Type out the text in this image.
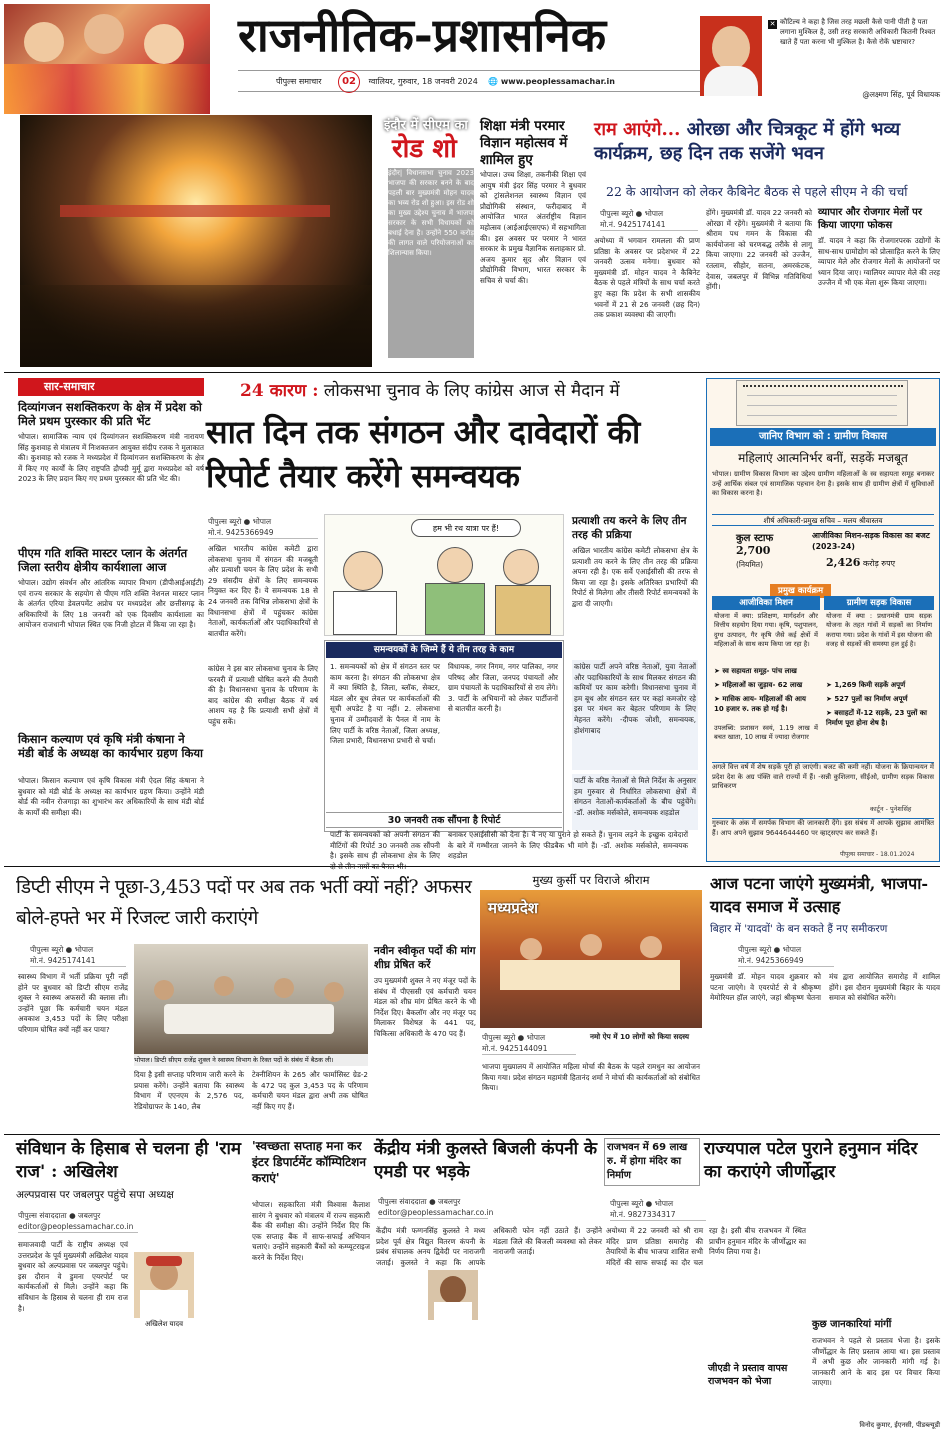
राजनीतिक-प्रशासनिक
पीपुल्स समाचार 02 ग्वालियर, गुरुवार, 18 जनवरी 2024 🌐 www.peoplessamachar.in
✕ कौटिल्य ने कहा है जिस तरह मछली कैसे पानी पीती है पता लगाना मुश्किल है, उसी तरह सरकारी अधिकारी कितनी रिश्वत खाते हैं पता करना भी मुश्किल है। कैसे रोकें भ्रष्टाचार?
@लक्ष्मण सिंह, पूर्व विधायक
इंदौर में सीएम का
रोड शो
इंदौर| विधानसभा चुनाव 2023 भाजपा की सरकार बनने के बाद पहली बार मुख्यमंत्री मोहन यादव का भव्य रोड शो हुआ। इस रोड शो का मुख्य उद्देश्य चुनाव में भाजपा सरकार के सभी विधायकों को बधाई देना है। उन्होंने 550 करोड़ की लागत वाले परियोजनाओं का शिलान्यास किया।
पीपुल्स फोटो
शिक्षा मंत्री परमार विज्ञान महोत्सव में शामिल हुए
भोपाल। उच्च शिक्षा, तकनीकी शिक्षा एवं आयुष मंत्री इंदर सिंह परमार ने बुधवार को ट्रांसलेशनल स्वास्थ्य विज्ञान एवं प्रौद्योगिकी संस्थान, फरीदाबाद में आयोजित भारत अंतर्राष्ट्रीय विज्ञान महोत्सव (आईआईएसएफ) में सहभागिता की। इस अवसर पर परमार ने भारत सरकार के प्रमुख वैज्ञानिक सलाहकार प्रो. अजय कुमार सूद और विज्ञान एवं प्रौद्योगिकी विभाग, भारत सरकार के सचिव से चर्चा की।
राम आएंगे... ओरछा और चित्रकूट में होंगे भव्य कार्यक्रम, छह दिन तक सजेंगे भवन
22 के आयोजन को लेकर कैबिनेट बैठक से पहले सीएम ने की चर्चा
पीपुल्स ब्यूरो ● भोपाल
मो.नं. 9425174141
अयोध्या में भगवान रामलला की प्राण प्रतिष्ठा के अवसर पर प्रदेशभर में 22 जनवरी उत्सव मनेगा। बुधवार को मुख्यमंत्री डॉ. मोहन यादव ने कैबिनेट बैठक से पहले मंत्रियों के साथ चर्चा करते हुए कहा कि प्रदेश के सभी शासकीय भवनों में 21 से 26 जनवरी (छह दिन) तक प्रकाश व्यवस्था की जाएगी।
होंगे। मुख्यमंत्री डॉ. यादव 22 जनवरी को ओरछा में रहेंगे। मुख्यमंत्री ने बताया कि श्रीराम पथ गमन के विकास की कार्ययोजना को चरणबद्ध तरीके से लागू किया जाएगा। 22 जनवरी को उज्जैन, रतलाम, सीहोर, सतना, अमरकंटक, देवास, जबलपुर में विभिन्न गतिविधियां होंगी।
व्यापार और रोजगार मेलों पर किया जाएगा फोकस
डॉ. यादव ने कहा कि रोजगारपरक उद्योगों के साथ-साथ ग्रामोद्योग को प्रोत्साहित करने के लिए व्यापार मेले और रोजगार मेलों के आयोजनों पर ध्यान दिया जाए। ग्वालियर व्यापार मेले की तरह उज्जैन में भी एक मेला शुरू किया जाएगा।
सार-समाचार
दिव्यांगजन सशक्तिकरण के क्षेत्र में प्रदेश को मिले प्रथम पुरस्कार की प्रति भेंट
भोपाल। सामाजिक न्याय एवं दिव्यांगजन सशक्तिकरण मंत्री नारायण सिंह कुशवाह से मंत्रालय में निःशक्तजन आयुक्त संदीप रजक ने मुलाकात की। कुशवाह को रजक ने मध्यप्रदेश में दिव्यांगजन सशक्तिकरण के क्षेत्र में किए गए कार्यों के लिए राष्ट्रपति द्रौपदी मुर्मू द्वारा मध्यप्रदेश को वर्ष 2023 के लिए प्रदान किए गए प्रथम पुरस्कार की प्रति भेंट की।
पीएम गति शक्ति मास्टर प्लान के अंतर्गत जिला स्तरीय क्षेत्रीय कार्यशाला आज
भोपाल। उद्योग संवर्धन और आंतरिक व्यापार विभाग (डीपीआईआईटी) एवं राज्य सरकार के सहयोग से पीएम गति शक्ति नेशनल मास्टर प्लान के अंतर्गत एरिया डेवलपमेंट अप्रोच पर मध्यप्रदेश और छत्तीसगढ़ के अधिकारियों के लिए 18 जनवरी को एक दिवसीय कार्यशाला का आयोजन राजधानी भोपाल स्थित एक निजी होटल में किया जा रहा है।
किसान कल्याण एवं कृषि मंत्री कंषाना ने मंडी बोर्ड के अध्यक्ष का कार्यभार ग्रहण किया
भोपाल। किसान कल्याण एवं कृषि विकास मंत्री ऐदल सिंह कंषाना ने बुधवार को मंडी बोर्ड के अध्यक्ष का कार्यभार ग्रहण किया। उन्होंने मंडी बोर्ड की नवीन रोजगाड़ा का शुभारंभ कर अधिकारियों के साथ मंडी बोर्ड के कार्यों की समीक्षा की।
24 कारण : लोकसभा चुनाव के लिए कांग्रेस आज से मैदान में
सात दिन तक संगठन और दावेदारों की रिपोर्ट तैयार करेंगे समन्वयक
पीपुल्स ब्यूरो ● भोपाल
मो.नं. 9425366949	हम भी रथ यात्रा पर हैं!
अखिल भारतीय कांग्रेस कमेटी द्वारा लोकसभा चुनाव में संगठन की मजबूती और प्रत्याशी चयन के लिए प्रदेश के सभी 29 संसदीय क्षेत्रों के लिए समन्वयक नियुक्त कर दिए हैं। ये समन्वयक 18 से 24 जनवरी तक विभिन्न लोकसभा क्षेत्रों के विधानसभा क्षेत्रों में पहुंचकर कांग्रेस नेताओं, कार्यकर्ताओं और पदाधिकारियों से बातचीत करेंगे।
कांग्रेस ने इस बार लोकसभा चुनाव के लिए फरवरी में प्रत्याशी घोषित करने की तैयारी की है। विधानसभा चुनाव के परिणाम के बाद कांग्रेस की समीक्षा बैठक में वर्ष आशय यह है कि प्रत्याशी सभी क्षेत्रों में पहुंच सकें।
समन्वयकों के जिम्मे हैं ये तीन तरह के काम
1. समन्वयकों को क्षेत्र में संगठन स्तर पर काम करना है। संगठन की लोकसभा क्षेत्र में क्या स्थिति है, जिला, ब्लॉक, सेक्टर, मंडल और बूथ लेवल पर कार्यकर्ताओं की सूची अपडेट है या नहीं। 2. लोकसभा चुनाव में उम्मीदवारों के पैनल में नाम के लिए पार्टी के वरिष्ठ नेताओं, जिला अध्यक्ष, जिला प्रभारी, विधानसभा प्रभारी से चर्चा।
विधायक, नगर निगम, नगर पालिका, नगर परिषद और जिला, जनपद पंचायतों और ग्राम पंचायतों के पदाधिकारियों से राय लेंगे। 3. पार्टी के अभियानों को लेकर पार्टीजनों से बातचीत करनी है।
30 जनवरी तक सौंपना है रिपोर्ट
पार्टी के समन्वयकों को अपनी संगठन की मीटिंगों की रिपोर्ट 30 जनवरी तक सौंपनी है। इसके साथ ही लोकसभा क्षेत्र के लिए
बनाकर एआईसीसी को देना है। ये नए या पुराने हो सकते हैं। चुनाव लड़ने के इच्छुक दावेदारों के बारे में गम्भीरता जानने के लिए फीडबैक भी मांगे हैं। -डॉ. अशोक मर्सकोले, समन्वयक शहडोल
प्रत्याशी तय करने के लिए तीन तरह की प्रक्रिया
अखिल भारतीय कांग्रेस कमेटी लोकसभा क्षेत्र के प्रत्याशी तय करने के लिए तीन तरह की प्रक्रिया अपना रही है। एक सर्वे एआईसीसी की तरफ से किया जा रहा है। इसके अतिरिक्त प्रभारियों की रिपोर्ट से मिलेगा और तीसरी रिपोर्ट समन्वयकों के द्वारा दी जाएगी।
कांग्रेस पार्टी अपने वरिष्ठ नेताओं, युवा नेताओं और पदाधिकारियों के साथ मिलकर संगठन की कमियों पर काम करेगी। विधानसभा चुनाव में हम बूथ और संगठन स्तर पर कहां कमजोर रहे इस पर मंथन कर बेहतर परिणाम के लिए मेहनत करेंगे। -दीपक जोशी, समन्वयक, होशंगाबाद
पार्टी के वरिष्ठ नेताओं से मिले निर्देश के अनुसार हम गुरुवार से निर्धारित लोकसभा क्षेत्रों में संगठन नेताओं-कार्यकर्ताओं के बीच पहुंचेंगे। -डॉ. अशोक मर्सकोले, समन्वयक शहडोल
जानिए विभाग को : ग्रामीण विकास
महिलाएं आत्मनिर्भर बनीं, सड़कें मजबूत
भोपाल। ग्रामीण विकास विभाग का उद्देश्य ग्रामीण महिलाओं के स्व सहायता समूह बनाकर उन्हें आर्थिक संबल एवं सामाजिक पहचान देना है। इसके साथ ही ग्रामीण क्षेत्रों में सुविधाओं का विकास करना है।
शीर्ष अधिकारी-प्रमुख सचिव – मलय श्रीवास्तव
कुल स्टाफ
2,700
(नियमित)
आजीविका मिशन-सड़क विकास का बजट (2023-24)
2,426 करोड़ रुपए
प्रमुख कार्यक्रम
आजीविका मिशन
योजना में क्या: प्रशिक्षण, मार्गदर्शन और वित्तीय सहयोग दिया गया। कृषि, पशुपालन, दुग्ध उत्पादन, गैर कृषि जैसे कई क्षेत्रों में महिलाओं के साथ काम किया जा रहा है।
➤ स्व सहायता समूह- पांच लाख
➤ महिलाओं का जुड़ाव- 62 लाख
➤ मासिक आय- महिलाओं की आय 10 हजार रु. तक हो गई है।
उपलब्धि: प्रशासन स्वयं, 1.19 लाख में बचत खाता, 10 लाख में ज्यादा रोजगार
ग्रामीण सड़क विकास
योजना में क्या : प्रधानमंत्री ग्राम सड़क योजना के तहत गांवों में सड़कों का निर्माण कराया गया। प्रदेश के गांवों में इस योजना की वजह से सड़कों की समस्या हल हुई है।
➤ 1,269 किमी सड़कें अपूर्ण
➤ 527 पुलों का निर्माण अपूर्ण
➤ बसाहटों में-12 सड़कें, 23 पुलों का निर्माण पूरा होना शेष है।
अगले वित्त वर्ष में शेष सड़कें पूरी हो जाएंगी। बजट की कमी नहीं। योजना के क्रियान्वयन में प्रदेश देश के अग्र पंक्ति वाले राज्यों में हैं। -सन्नी कुशिलगा, सीईओ, ग्रामीण सड़क विकास प्राधिकरण
कार्टून - पुनेशसिंह
गुरुवार के अंक में समर्पक विभाग की जानकारी देंगे। इस संबंध में आपके सुझाव आमंत्रित हैं। आप अपने सुझाव 9644644460 पर व्हाट्सएप कर सकते हैं।
पीपुल्स समाचार - 18.01.2024
डिप्टी सीएम ने पूछा-3,453 पदों पर अब तक भर्ती क्यों नहीं? अफसर बोले-हफ्ते भर में रिजल्ट जारी कराएंगे
पीपुल्स ब्यूरो ● भोपाल
मो.नं. 9425174141
स्वास्थ्य विभाग में भर्ती प्रक्रिया पूरी नहीं होने पर बुधवार को डिप्टी सीएम राजेंद्र शुक्ल ने स्वास्थ्य अफसरों की क्लास ली। उन्होंने पूछा कि कर्मचारी चयन मंडल अवकाश 3,453 पदों के लिए परीक्षा परिणाम घोषित क्यों नहीं कर पाया?
भोपाल। डिप्टी सीएम राजेंद्र शुक्ल ने स्वास्थ्य विभाग के रिक्त पदों के संबंध में बैठक ली।
नवीन स्वीकृत पदों की मांग शीघ्र प्रेषित करें
उप मुख्यमंत्री शुक्ल ने नए मंजूर पदों के संबंध में पीएससी एवं कर्मचारी चयन मंडल को शीघ्र मांग प्रेषित करने के भी निर्देश दिए। बैकलॉग और नए मंजूर पद मिलाकर विशेषज्ञ के 441 पद, चिकित्सा अधिकारी के 470 पद हैं।
दिया है इसी सप्ताह परिणाम जारी करने के प्रयास करेंगे। उन्होंने बताया कि स्वास्थ्य विभाग में एएनएम के 2,576 पद, रेडियोग्राफर के 140, लैब
टेक्नीशियन के 265 और फार्मासिस्ट ग्रेड-2 के 472 पद कुल 3,453 पद के परिणाम कर्मचारी चयन मंडल द्वारा अभी तक घोषित नहीं किए गए हैं।
मुख्य कुर्सी पर विराजे श्रीराम
मध्यप्रदेश
पीपुल्स ब्यूरो ● भोपाल
मो.नं. 9425144091
नमो ऐप में 10 लोगों को किया सदस्य
भाजपा मुख्यालय में आयोजित महिला मोर्चा की बैठक के पहले रामधुन का आयोजन किया गया। प्रदेश संगठन महामंत्री हितानंद शर्मा ने मोर्चा की कार्यकर्ताओं को संबोधित किया।
आज पटना जाएंगे मुख्यमंत्री, भाजपा-यादव समाज में उत्साह
बिहार में 'यादवों' के बन सकते हैं नए समीकरण
पीपुल्स ब्यूरो ● भोपाल
मो.नं. 9425366949
मुख्यमंत्री डॉ. मोहन यादव शुक्रवार को पटना जाएंगे। वे एयरपोर्ट से वे श्रीकृष्ण मेमोरियल हॉल जाएंगे, जहां श्रीकृष्ण चेतना मंच द्वारा आयोजित समारोह में शामिल होंगे। इस दौरान मुख्यमंत्री बिहार के यादव समाज को संबोधित करेंगे।
संविधान के हिसाब से चलना ही 'राम राज' : अखिलेश
अल्पप्रवास पर जबलपुर पहुंचे सपा अध्यक्ष
पीपुल्स संवाददाता ● जबलपुर
editor@peoplessamachar.co.in
समाजवादी पार्टी के राष्ट्रीय अध्यक्ष एवं उत्तरप्रदेश के पूर्व मुख्यमंत्री अखिलेश यादव बुधवार को अल्पप्रवास पर जबलपुर पहुंचे। इस दौरान वे डुमना एयरपोर्ट पर कार्यकर्ताओं से मिले। उन्होंने कहा कि संविधान के हिसाब से चलना ही राम राज है।
अखिलेश यादव
'स्वच्छता सप्ताह मना कर इंटर डिपार्टमेंट कॉम्पिटिशन कराएं'
भोपाल। सहकारिता मंत्री विश्वास कैलाश सारंग ने बुधवार को मंत्रालय में राज्य सहकारी बैंक की समीक्षा की। उन्होंने निर्देश दिए कि एक सप्ताह बैंक में साफ-सफाई अभियान चलाएं। उन्होंने सहकारी बैंकों को कम्प्यूटराइज करने के निर्देश दिए।
केंद्रीय मंत्री कुलस्ते बिजली कंपनी के एमडी पर भड़के
पीपुल्स संवाददाता ● जबलपुर
editor@peoplessamachar.co.in
केंद्रीय मंत्री फग्गनसिंह कुलस्ते ने मध्य प्रदेश पूर्व क्षेत्र विद्युत वितरण कंपनी के प्रबंध संचालक अनय द्विवेदी पर नाराजगी जताई। कुलस्ते ने कहा कि आपके अधिकारी फोन नहीं उठाते हैं। उन्होंने मंडला जिले की बिजली व्यवस्था को लेकर नाराजगी जताई।
राजभवन में 69 लाख रु. में होगा मंदिर का निर्माण
राज्यपाल पटेल पुराने हनुमान मंदिर का कराएंगे जीर्णोद्धार
पीपुल्स ब्यूरो ● भोपाल
मो.नं. 9827334317
अयोध्या में 22 जनवरी को श्री राम मंदिर प्राण प्रतिष्ठा समारोह की तैयारियों के बीच भाजपा शासित सभी मंदिरों की साफ सफाई का दौर चल रहा है। इसी बीच राजभवन में स्थित प्राचीन हनुमान मंदिर के जीर्णोद्धार का निर्णय लिया गया है।
कुछ जानकारियां मांगीं
राजभवन ने पहले से प्रस्ताव भेजा है। इसके जीर्णोद्धार के लिए प्रस्ताव आया था। इस प्रस्ताव में अभी कुछ और जानकारी मांगी गई है। जानकारी आने के बाद इस पर विचार किया जाएगा।
विनोद कुमार, ईएनसी, पीडब्ल्यूडी
जीएडी ने प्रस्ताव वापस राजभवन को भेजा
